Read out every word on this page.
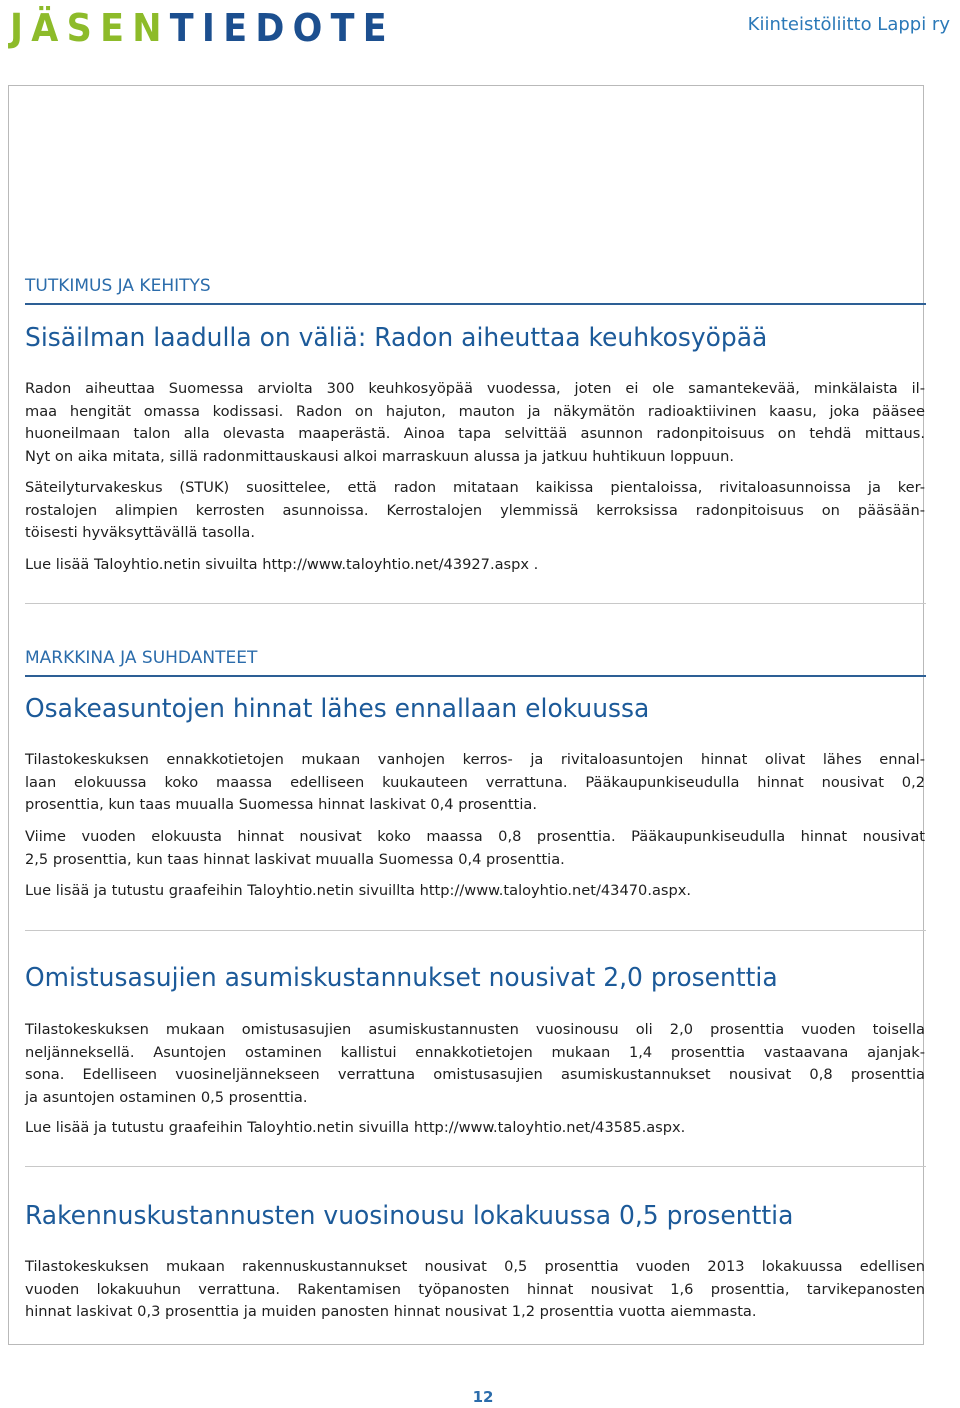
JÄSENTIEDOTE	Kiinteistöliitto Lappi ry
TUTKIMUS JA KEHITYS
Sisäilman laadulla on väliä: Radon aiheuttaa keuhkosyöpää
Radon aiheuttaa Suomessa arviolta 300 keuhkosyöpää vuodessa, joten ei ole samantekevää, minkälaista il-
maa hengität omassa kodissasi. Radon on hajuton, mauton ja näkymätön radioaktiivinen kaasu, joka pääsee
huoneilmaan talon alla olevasta maaperästä. Ainoa tapa selvittää asunnon radonpitoisuus on tehdä mittaus.
Nyt on aika mitata, sillä radonmittauskausi alkoi marraskuun alussa ja jatkuu huhtikuun loppuun.
Säteilyturvakeskus (STUK) suosittelee, että radon mitataan kaikissa pientaloissa, rivitaloasunnoissa ja ker-
rostalojen alimpien kerrosten asunnoissa. Kerrostalojen ylemmissä kerroksissa radonpitoisuus on pääsään-
töisesti hyväksyttävällä tasolla.
Lue lisää Taloyhtio.netin sivuilta http://www.taloyhtio.net/43927.aspx .
MARKKINA JA SUHDANTEET
Osakeasuntojen hinnat lähes ennallaan elokuussa
Tilastokeskuksen ennakkotietojen mukaan vanhojen kerros- ja rivitaloasuntojen hinnat olivat lähes ennal-
laan elokuussa koko maassa edelliseen kuukauteen verrattuna. Pääkaupunkiseudulla hinnat nousivat 0,2
prosenttia, kun taas muualla Suomessa hinnat laskivat 0,4 prosenttia.
Viime vuoden elokuusta hinnat nousivat koko maassa 0,8 prosenttia. Pääkaupunkiseudulla hinnat nousivat
2,5 prosenttia, kun taas hinnat laskivat muualla Suomessa 0,4 prosenttia.
Lue lisää ja tutustu graafeihin Taloyhtio.netin sivuillta http://www.taloyhtio.net/43470.aspx.
Omistusasujien asumiskustannukset nousivat 2,0 prosenttia
Tilastokeskuksen mukaan omistusasujien asumiskustannusten vuosinousu oli 2,0 prosenttia vuoden toisella
neljänneksellä. Asuntojen ostaminen kallistui ennakkotietojen mukaan 1,4 prosenttia vastaavana ajanjak-
sona. Edelliseen vuosineljännekseen verrattuna omistusasujien asumiskustannukset nousivat 0,8 prosenttia
ja asuntojen ostaminen 0,5 prosenttia.
Lue lisää ja tutustu graafeihin Taloyhtio.netin sivuilla http://www.taloyhtio.net/43585.aspx.
Rakennuskustannusten vuosinousu lokakuussa 0,5 prosenttia
Tilastokeskuksen mukaan rakennuskustannukset nousivat 0,5 prosenttia vuoden 2013 lokakuussa edellisen
vuoden lokakuuhun verrattuna. Rakentamisen työpanosten hinnat nousivat 1,6 prosenttia, tarvikepanosten
hinnat laskivat 0,3 prosenttia ja muiden panosten hinnat nousivat 1,2 prosenttia vuotta aiemmasta.
12
